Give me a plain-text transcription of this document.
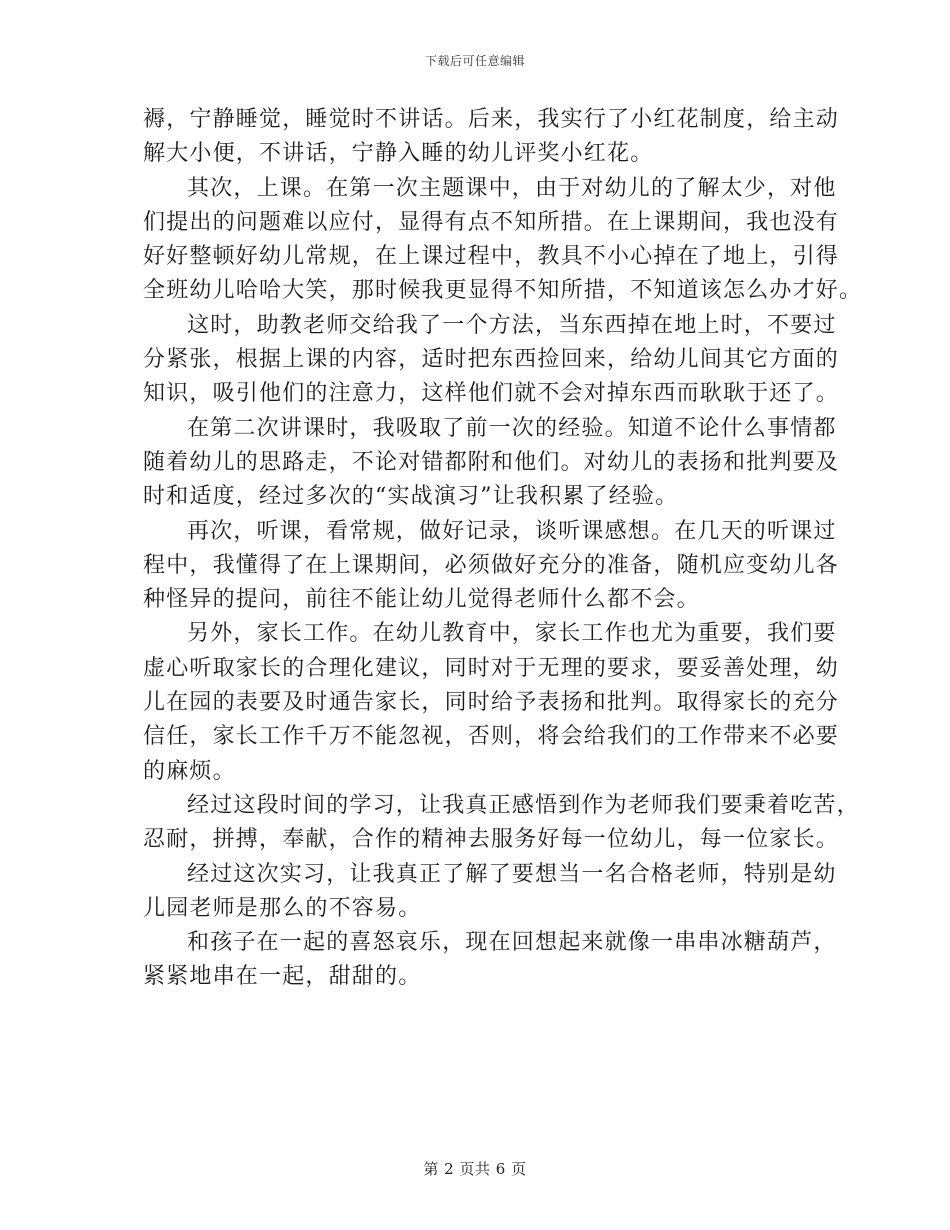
下载后可任意编辑
褥，宁静睡觉，睡觉时不讲话。后来，我实行了小红花制度，给主动
解大小便，不讲话，宁静入睡的幼儿评奖小红花。
其次，上课。在第一次主题课中，由于对幼儿的了解太少，对他
们提出的问题难以应付，显得有点不知所措。在上课期间，我也没有
好好整顿好幼儿常规，在上课过程中，教具不小心掉在了地上，引得
全班幼儿哈哈大笑，那时候我更显得不知所措，不知道该怎么办才好。
这时，助教老师交给我了一个方法，当东西掉在地上时，不要过
分紧张，根据上课的内容，适时把东西捡回来，给幼儿间其它方面的
知识，吸引他们的注意力，这样他们就不会对掉东西而耿耿于还了。
在第二次讲课时，我吸取了前一次的经验。知道不论什么事情都
随着幼儿的思路走，不论对错都附和他们。对幼儿的表扬和批判要及
时和适度，经过多次的“实战演习”让我积累了经验。
再次，听课，看常规，做好记录，谈听课感想。在几天的听课过
程中，我懂得了在上课期间，必须做好充分的准备，随机应变幼儿各
种怪异的提问，前往不能让幼儿觉得老师什么都不会。
另外，家长工作。在幼儿教育中，家长工作也尤为重要，我们要
虚心听取家长的合理化建议，同时对于无理的要求，要妥善处理，幼
儿在园的表要及时通告家长，同时给予表扬和批判。取得家长的充分
信任，家长工作千万不能忽视，否则，将会给我们的工作带来不必要
的麻烦。
经过这段时间的学习，让我真正感悟到作为老师我们要秉着吃苦，
忍耐，拼搏，奉献，合作的精神去服务好每一位幼儿，每一位家长。
经过这次实习，让我真正了解了要想当一名合格老师，特别是幼
儿园老师是那么的不容易。
和孩子在一起的喜怒哀乐，现在回想起来就像一串串冰糖葫芦，
紧紧地串在一起，甜甜的。
第 2 页共 6 页
